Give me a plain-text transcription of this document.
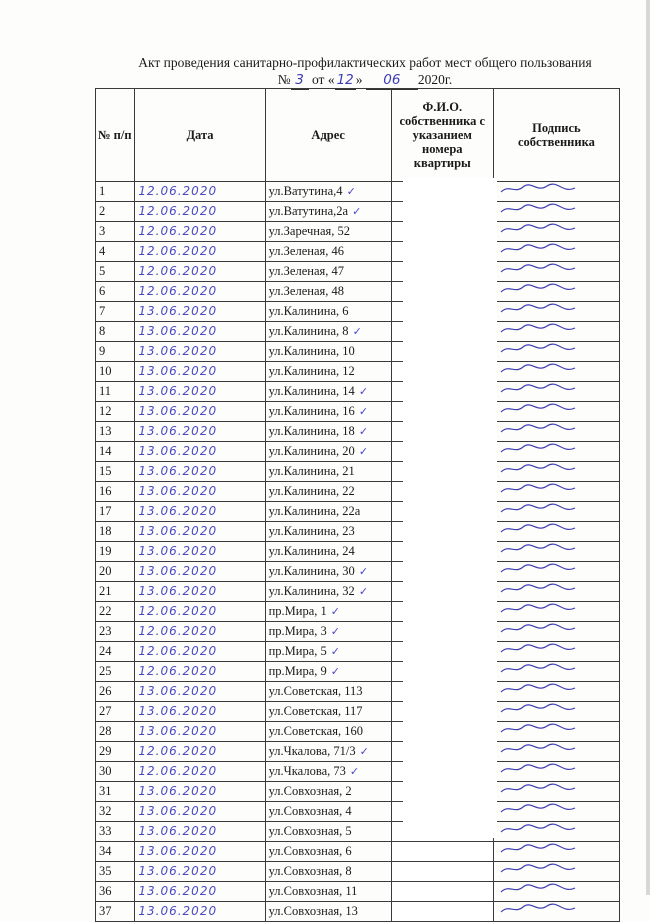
Акт проведения санитарно-профилактических работ мест общего пользования
№ 3 от « 12 » 06 2020г.
№ п/п	Дата	Адрес	Ф.И.О. собственника с указанием номера квартиры	Подпись собственника
1	12.06.2020	ул.Ватутина,4 ✓		
2	12.06.2020	ул.Ватутина,2а ✓		
3	12.06.2020	ул.Заречная, 52		
4	12.06.2020	ул.Зеленая, 46		
5	12.06.2020	ул.Зеленая, 47		
6	12.06.2020	ул.Зеленая, 48		
7	13.06.2020	ул.Калинина, 6		
8	13.06.2020	ул.Калинина, 8 ✓		
9	13.06.2020	ул.Калинина, 10		
10	13.06.2020	ул.Калинина, 12		
11	13.06.2020	ул.Калинина, 14 ✓		
12	13.06.2020	ул.Калинина, 16 ✓		
13	13.06.2020	ул.Калинина, 18 ✓		
14	13.06.2020	ул.Калинина, 20 ✓		
15	13.06.2020	ул.Калинина, 21		
16	13.06.2020	ул.Калинина, 22		
17	13.06.2020	ул.Калинина, 22а		
18	13.06.2020	ул.Калинина, 23		
19	13.06.2020	ул.Калинина, 24		
20	13.06.2020	ул.Калинина, 30 ✓		
21	13.06.2020	ул.Калинина, 32 ✓		
22	12.06.2020	пр.Мира, 1 ✓		
23	12.06.2020	пр.Мира, 3 ✓		
24	12.06.2020	пр.Мира, 5 ✓		
25	12.06.2020	пр.Мира, 9 ✓		
26	13.06.2020	ул.Советская, 113		
27	13.06.2020	ул.Советская, 117		
28	13.06.2020	ул.Советская, 160		
29	12.06.2020	ул.Чкалова, 71/3 ✓		
30	12.06.2020	ул.Чкалова, 73 ✓		
31	13.06.2020	ул.Совхозная, 2		
32	13.06.2020	ул.Совхозная, 4		
33	13.06.2020	ул.Совхозная, 5		
34	13.06.2020	ул.Совхозная, 6		
35	13.06.2020	ул.Совхозная, 8		
36	13.06.2020	ул.Совхозная, 11		
37	13.06.2020	ул.Совхозная, 13		
